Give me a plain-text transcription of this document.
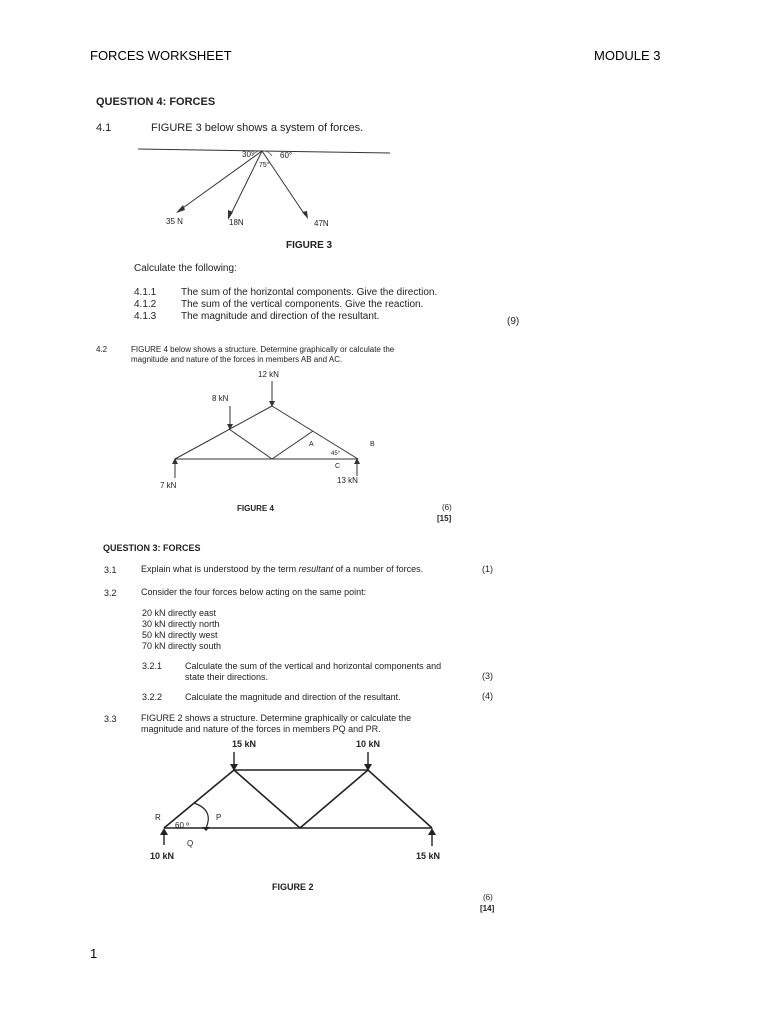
FORCES WORKSHEET	MODULE 3
QUESTION 4: FORCES
4.1	FIGURE 3 below shows a system of forces.
30°	60°
75°
35 N	18N	47N
FIGURE 3
12 kN
8 kN
A	B
C
45°
7 kN
13 kN
FIGURE 4
15 kN	10 kN
R	P
Q
60 º
10 kN	15 kN
FIGURE 2
Calculate the following:
4.1.1 The sum of the horizontal components. Give the direction.
4.1.2 The sum of the vertical components. Give the reaction.
4.1.3 The magnitude and direction of the resultant.	(9)
4.2	FIGURE 4 below shows a structure. Determine graphically or calculate the
magnitude and nature of the forces in members AB and AC.
(6)
[15]
QUESTION 3: FORCES
3.1	Explain what is understood by the term resultant of a number of forces.	(1)
3.2	Consider the four forces below acting on the same point:
20 kN directly east
30 kN directly north
50 kN directly west
70 kN directly south
3.2.1	Calculate the sum of the vertical and horizontal components and
state their directions.	(3)
3.2.2	Calculate the magnitude and direction of the resultant.	(4)
3.3	FIGURE 2 shows a structure. Determine graphically or calculate the
magnitude and nature of the forces in members PQ and PR.
(6)
[14]
1
